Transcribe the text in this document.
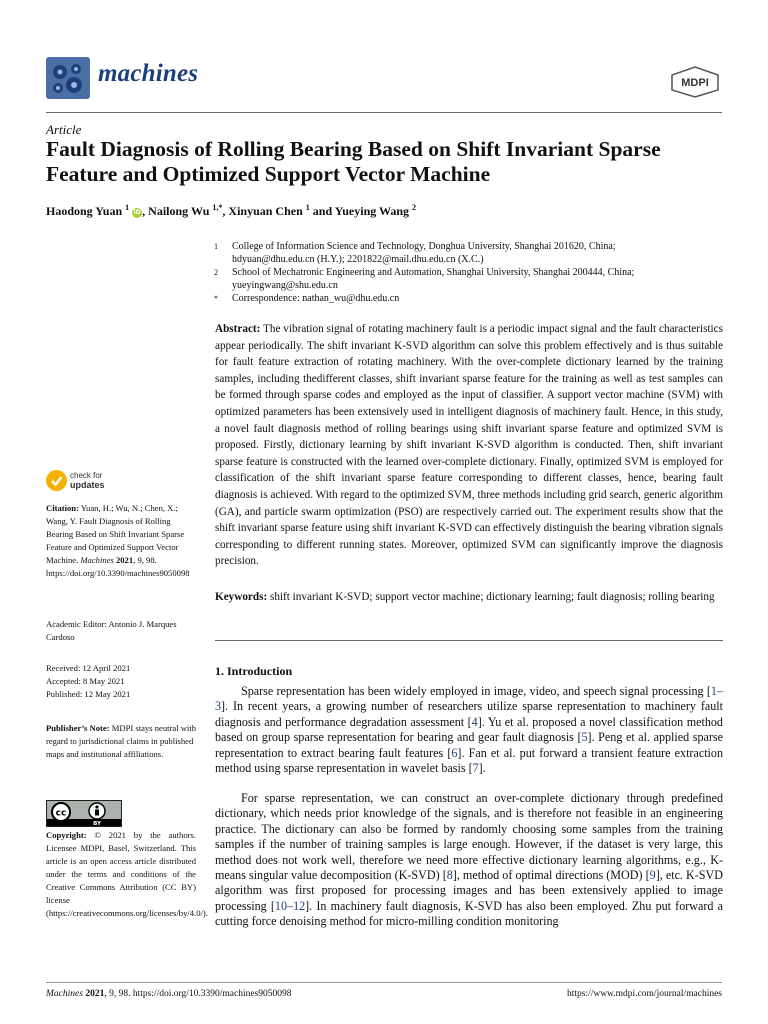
machines	MDPI
Article
Fault Diagnosis of Rolling Bearing Based on Shift Invariant Sparse Feature and Optimized Support Vector Machine
Haodong Yuan $^1$ iD, Nailong Wu $^{1,*}$, Xinyuan Chen $^1$ and Yueying Wang $^2$
1 College of Information Science and Technology, Donghua University, Shanghai 201620, China;
hdyuan@dhu.edu.cn (H.Y.); 2201822@mail.dhu.edu.cn (X.C.)
2 School of Mechatronic Engineering and Automation, Shanghai University, Shanghai 200444, China;
yueyingwang@shu.edu.cn
* Correspondence: nathan_wu@dhu.edu.cn
Abstract: The vibration signal of rotating machinery fault is a periodic impact signal and the fault characteristics appear periodically. The shift invariant K-SVD algorithm can solve this problem effectively and is thus suitable for fault feature extraction of rotating machinery. With the over-complete dictionary learned by the training samples, including thedifferent classes, shift invariant sparse feature for the training as well as test samples can be formed through sparse codes and employed as the input of classifier. A support vector machine (SVM) with optimized parameters has been extensively used in intelligent diagnosis of machinery fault. Hence, in this study, a novel fault diagnosis method of rolling bearings using shift invariant sparse feature and optimized SVM is proposed. Firstly, dictionary learning by shift invariant K-SVD algorithm is conducted. Then, shift invariant sparse feature is constructed with the learned over-complete dictionary. Finally, optimized SVM is employed for classification of the shift invariant sparse feature corresponding to different classes, hence, bearing fault diagnosis is achieved. With regard to the optimized SVM, three methods including grid search, generic algorithm (GA), and particle swarm optimization (PSO) are respectively carried out. The experiment results show that the shift invariant sparse feature using shift invariant K-SVD can effectively distinguish the bearing vibration signals corresponding to different running states. Moreover, optimized SVM can significantly improve the diagnosis precision.
Keywords: shift invariant K-SVD; support vector machine; dictionary learning; fault diagnosis; rolling bearing
check for
updates
Citation: Yuan, H.; Wu, N.; Chen, X.; Wang, Y. Fault Diagnosis of Rolling Bearing Based on Shift Invariant Sparse Feature and Optimized Support Vector Machine. Machines 2021, 9, 98. https://doi.org/10.3390/machines9050098
Academic Editor: Antonio J. Marques Cardoso
Received: 12 April 2021
Accepted: 8 May 2021
Published: 12 May 2021
Publisher’s Note: MDPI stays neutral with regard to jurisdictional claims in published maps and institutional affiliations.
cc
BY
Copyright: © 2021 by the authors. Licensee MDPI, Basel, Switzerland. This article is an open access article distributed under the terms and conditions of the Creative Commons Attribution (CC BY) license (https://creativecommons.org/licenses/by/4.0/).
1. Introduction
Sparse representation has been widely employed in image, video, and speech signal processing [1–3]. In recent years, a growing number of researchers utilize sparse representation to machinery fault diagnosis and performance degradation assessment [4]. Yu et al. proposed a novel classification method based on group sparse representation for bearing and gear fault diagnosis [5]. Peng et al. applied sparse representation to extract bearing fault features [6]. Fan et al. put forward a transient feature extraction method using sparse representation in wavelet basis [7].
For sparse representation, we can construct an over-complete dictionary through predefined dictionary, which needs prior knowledge of the signals, and is therefore not feasible in an engineering practice. The dictionary can also be formed by randomly choosing some samples from the training samples if the number of training samples is large enough. However, if the dataset is very large, this method does not work well, therefore we need more effective dictionary learning algorithms, e.g., K-means singular value decomposition (K-SVD) [8], method of optimal directions (MOD) [9], etc. K-SVD algorithm was first proposed for processing images and has been extensively applied to image processing [10–12]. In machinery fault diagnosis, K-SVD has also been employed. Zhu put forward a cutting force denoising method for micro-milling condition monitoring
Machines 2021, 9, 98. https://doi.org/10.3390/machines9050098	https://www.mdpi.com/journal/machines
